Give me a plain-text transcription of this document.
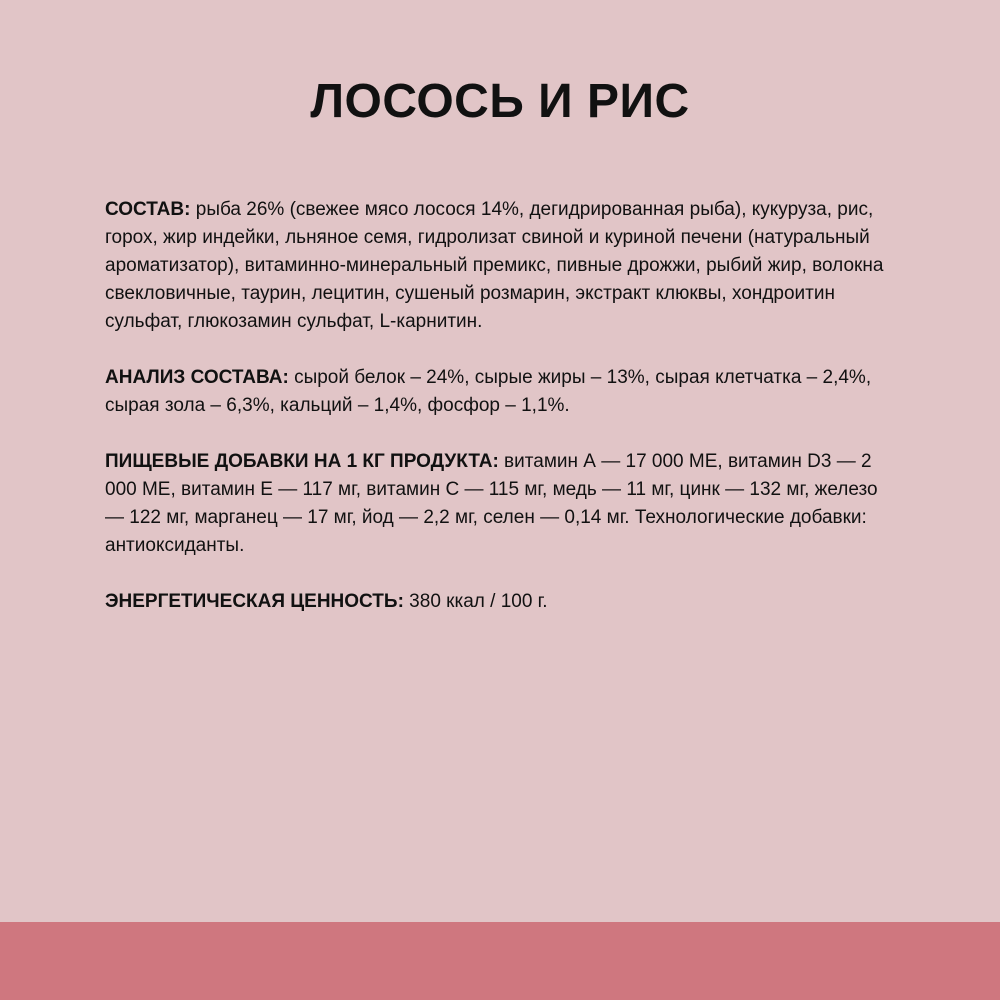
ЛОСОСЬ И РИС

СОСТАВ: рыба 26% (свежее мясо лосося 14%, дегидрированная рыба), кукуруза, рис, горох, жир индейки, льняное семя, гидролизат свиной и куриной печени (натуральный ароматизатор), витаминно-минеральный премикс, пивные дрожжи, рыбий жир, волокна свекловичные, таурин, лецитин, сушеный розмарин, экстракт клюквы, хондроитин сульфат, глюкозамин сульфат, L-карнитин.

АНАЛИЗ СОСТАВА: сырой белок – 24%, сырые жиры – 13%, сырая клетчатка – 2,4%, сырая зола – 6,3%, кальций – 1,4%, фосфор – 1,1%.

ПИЩЕВЫЕ ДОБАВКИ НА 1 КГ ПРОДУКТА: витамин А — 17 000 МЕ, витамин D3 — 2 000 МЕ, витамин Е — 117 мг, витамин С — 115 мг, медь — 11 мг, цинк — 132 мг, железо — 122 мг, марганец — 17 мг, йод — 2,2 мг, селен — 0,14 мг. Технологические добавки: антиоксиданты.

ЭНЕРГЕТИЧЕСКАЯ ЦЕННОСТЬ: 380 ккал / 100 г.
